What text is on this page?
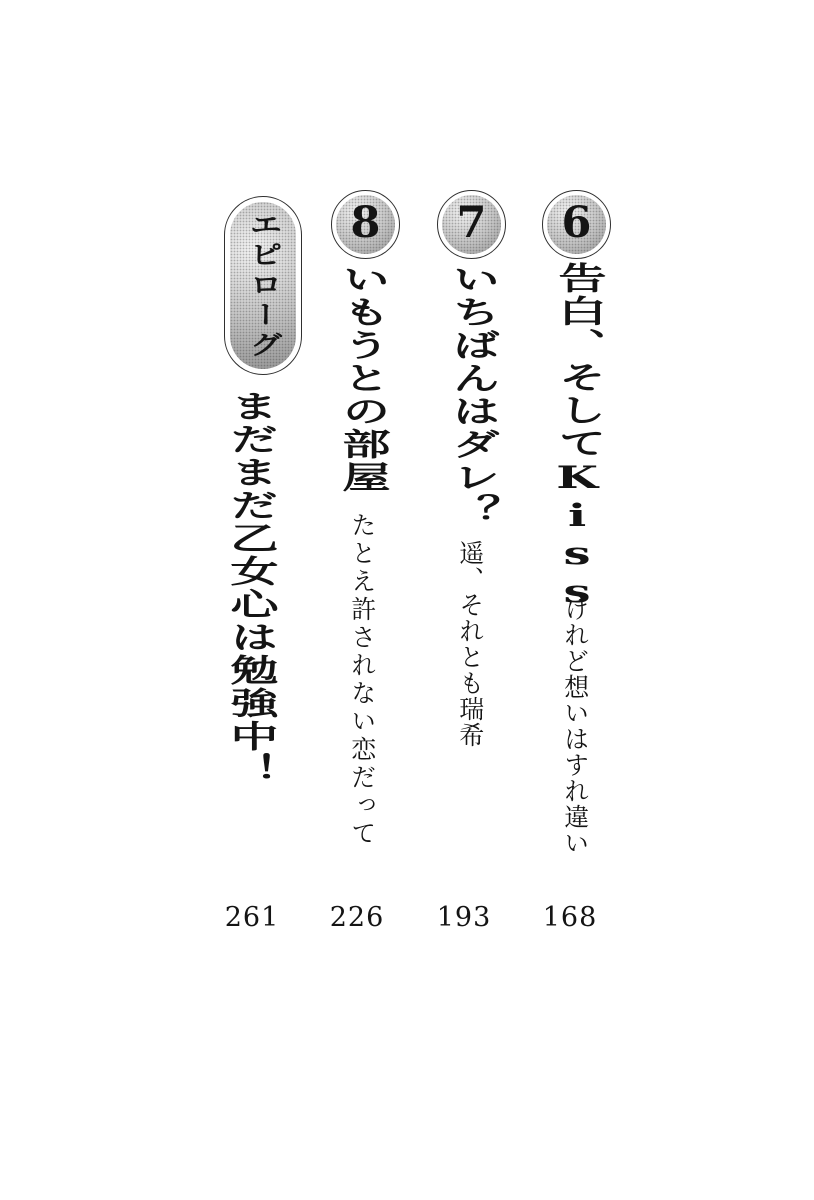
6
告白、そしてKiss

けれど想いはすれ違い

168
7
いちばんはダレ？

遥、それとも瑞希

193
8
いもうとの部屋

たとえ許されない恋だって

226
エピローグ
まだまだ乙女心は勉強中！
261
